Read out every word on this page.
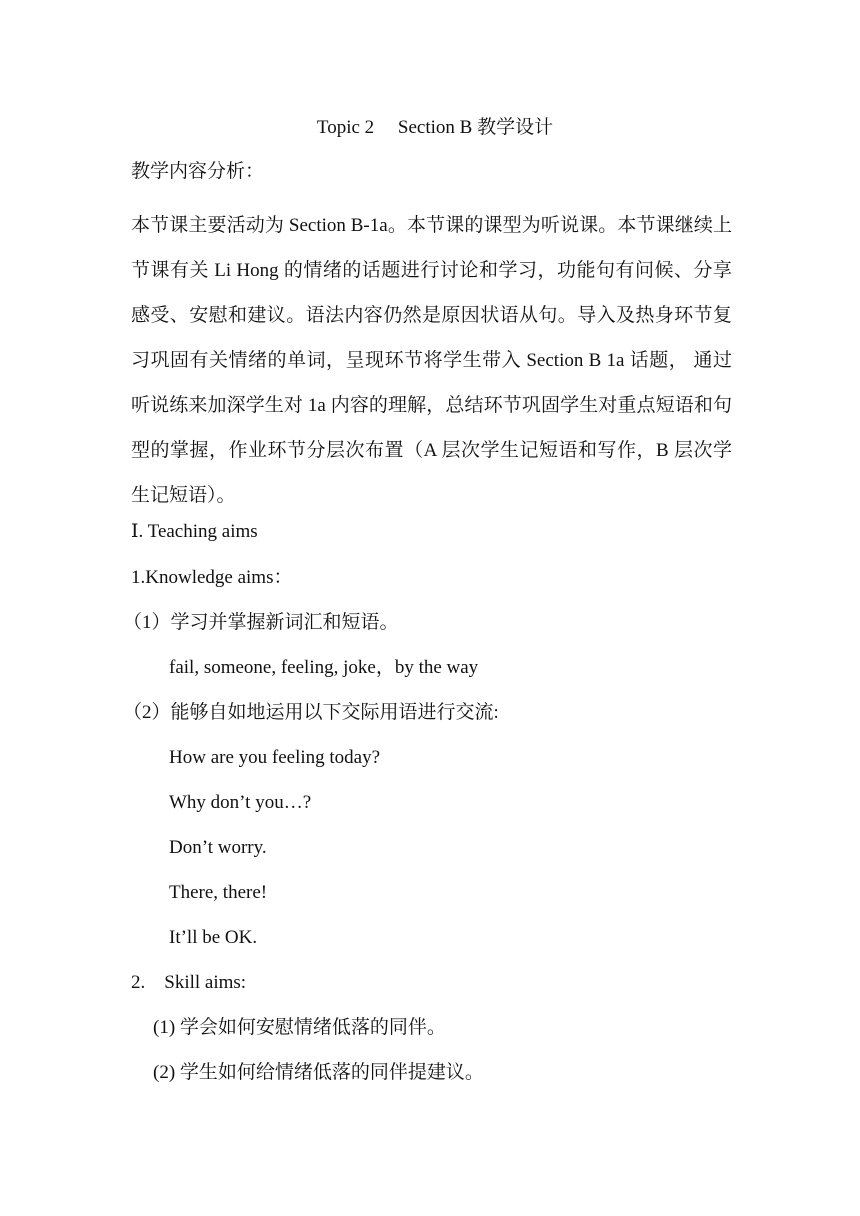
Topic 2　 Section B 教学设计
教学内容分析：
本节课主要活动为 Section B-1a。本节课的课型为听说课。本节课继续上节课有关 Li Hong 的情绪的话题进行讨论和学习，功能句有问候、分享感受、安慰和建议。语法内容仍然是原因状语从句。导入及热身环节复习巩固有关情绪的单词，呈现环节将学生带入 Section B 1a 话题， 通过听说练来加深学生对 1a 内容的理解，总结环节巩固学生对重点短语和句型的掌握，作业环节分层次布置（A 层次学生记短语和写作，B 层次学生记短语）。
Ⅰ. Teaching aims
1.Knowledge aims：
（1）学习并掌握新词汇和短语。
fail, someone, feeling, joke，by the way
（2）能够自如地运用以下交际用语进行交流:
How are you feeling today?
Why don’t you…?
Don’t worry.
There, there!
It’ll be OK.
2. Skill aims:
(1) 学会如何安慰情绪低落的同伴。
(2) 学生如何给情绪低落的同伴提建议。
